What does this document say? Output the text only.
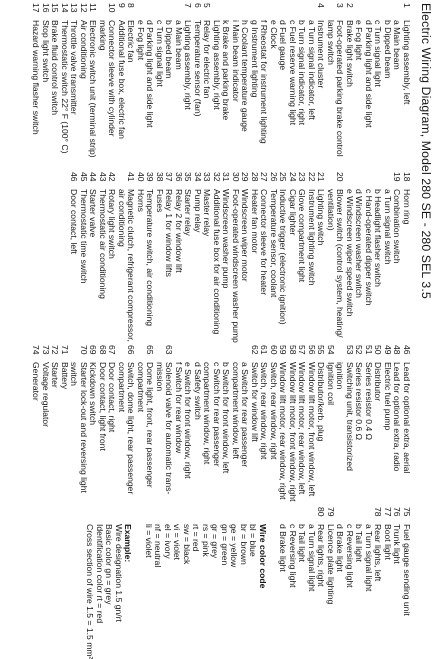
Electric Wiring Diagram, Model 280 SE - 280 SEL 3.5
1
Lighting assembly, left
a Main beam
b Dipped beam
c Turn signal light
d Parking light and side light
e Fog light
2
Brake light switch
3
Foot-operated parking brake control
lamp switch
4
Instrument cluster
a Turn signal indicator, left
b Turn signal indicator, right
c Fuel reserve warning light
d Fuel gauge
e Clock
f Rheostat for instrument lighting
g Instrument lighting
h Coolant temperature gauge
i Main beam indicator
k Brake and parking brake
Lighting assembly, right
5
Relay for electric fan
6
Temperature sensor (fan)
7
Lighting assembly, right
a Main beam
b Dipped beam
c Turn signal light
d Parking light and side light
e Fog light
8
Electric fan
9
Additional fuse box, electric fan
10
Connector sleeve with cylinder
marking
11
Electronic switch unit (terminal strip)
12
Air conditioning
13
Throttle valve transmitter
14
Thermostatic switch 22° F (100° C)
15
Brake fluid control switch
16
Stop light switch
17
Hazard warning flasher switch
18
Horn ring
19
Combination switch
a Turn signal switch
b Headlight flasher switch
c Hand-operated dipper switch
d Windscreen washer switch
e Windscreen wiper speed switch
20
Blower switch (control system, heating/
ventilation)
21
Lighting switch
22
Instrument lighting switch
23
Glove compartment light
24
Cigar lighter
25
Inductive trigger (electronic ignition)
26
Temperature sensor, coolant
27
Connector sleeve for heater
28
Heater fan motor
29
Windscreen wiper motor
30
Foot-operated windscreen washer pump
31
Windscreen washer pump
32
Additional fuse box for air conditioning
33
Master relay
34
Pump relay
35
Starter relay
36
Relay 2 for window lift
37
Relay 1 for window lifts
38
Fuses
39
Temperature switch, air conditioning
40
Horns
41
Magnetic clutch, refrigerant compressor,
air conditioning
42
Rotary light switch
43
Thermostatic air conditioning
44
Starter valve
45
Thermostatic time switch
46
Door contact, left
46
Lead for optional extra, aerial
48
Lead for optional extra, radio
49
Electric fuel pump
50
Distributor
51
Series resistor 0.4 Ω
52
Series resistor 0.6 Ω
53
Switching unit, transistorized
ignition
54
Ignition coil
55
Distributor/kerb. plug
56
Window lift motor, front window, left
57
Window lift motor, rear window, left
58
Window lift motor, front window, right
59
Window lift motor, rear window, right
60
Switch, rear window, right
61
Switch, rear window, right
62
Switch for window lift
a Switch for rear passenger
compartment window, left
b Switch for front window, left
c Switch for rear passenger
compartment window, right
d Safety switch
e Switch for front window, right
f Switch for rear window
63
Solenoid valve for automatic trans-
mission
65
Dome light, front, rear passenger
compartment
66
Switch, dome light, rear passenger
compartment
67
Door contact, right
68
Door contact, light front
69
Kickdown switch
70
Starter lock-out and reversing light
switch
71
Battery
72
Starter
73
Voltage regulator
74
Generator
75
Fuel gauge sending unit
76
Trunk light
77
Boot light
78
Rear lights, left
a Turn signal light
b Tail light
c Reversing light
d Brake light
79
Licence plate lighting
80
Rear lights, right
a Turn signal light
b Tail light
c Reversing light
d Brake light
Wire color code
bl = blue
br = brown
ge = yellow
gn = green
gr = grey
rs = pink
rt = red
sw = black
vi = violet
el = ivory
nf = neutral
li = violet
Example:
Wire designation 1.5 gn/rt
Basic color gn = grey
Identification color rt = red
Cross section of wire 1.5 = 1.5 mm²
